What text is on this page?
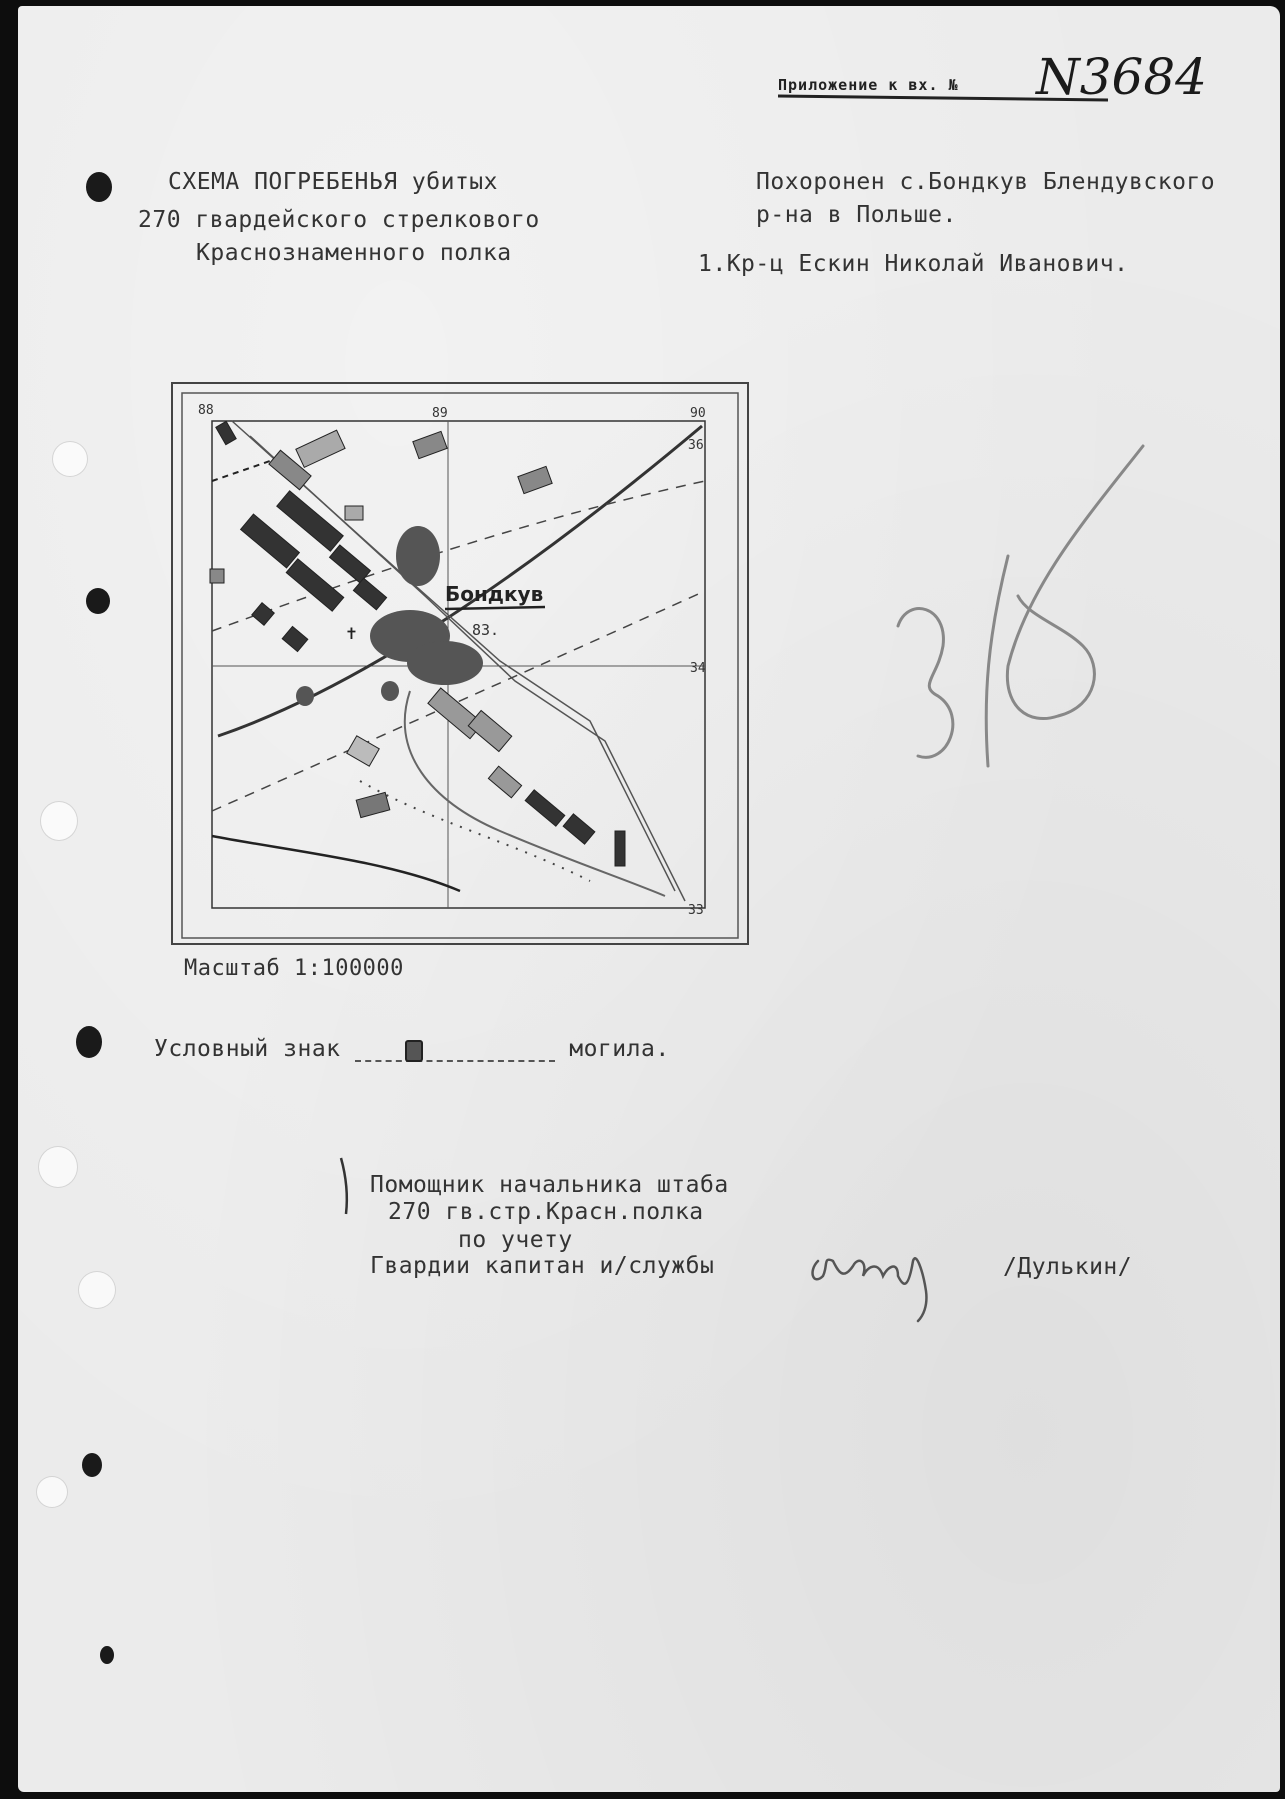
Приложение к вх. № N3684
СХЕМА ПОГРЕБЕНЬЯ убитых
270 гвардейского стрелкового
Краснознаменного полка
Похоронен с.Бондкув Блендувского
р-на в Польше.
1.Кр-ц Ескин Николай Иванович.
88	89	90
36
34
33
✝
Бондкув
83.
Масштаб 1:100000
Условный знак	могила.
Помощник начальника штаба
270 гв.стр.Красн.полка
по учету
Гвардии капитан и/службы	/Дулькин/
